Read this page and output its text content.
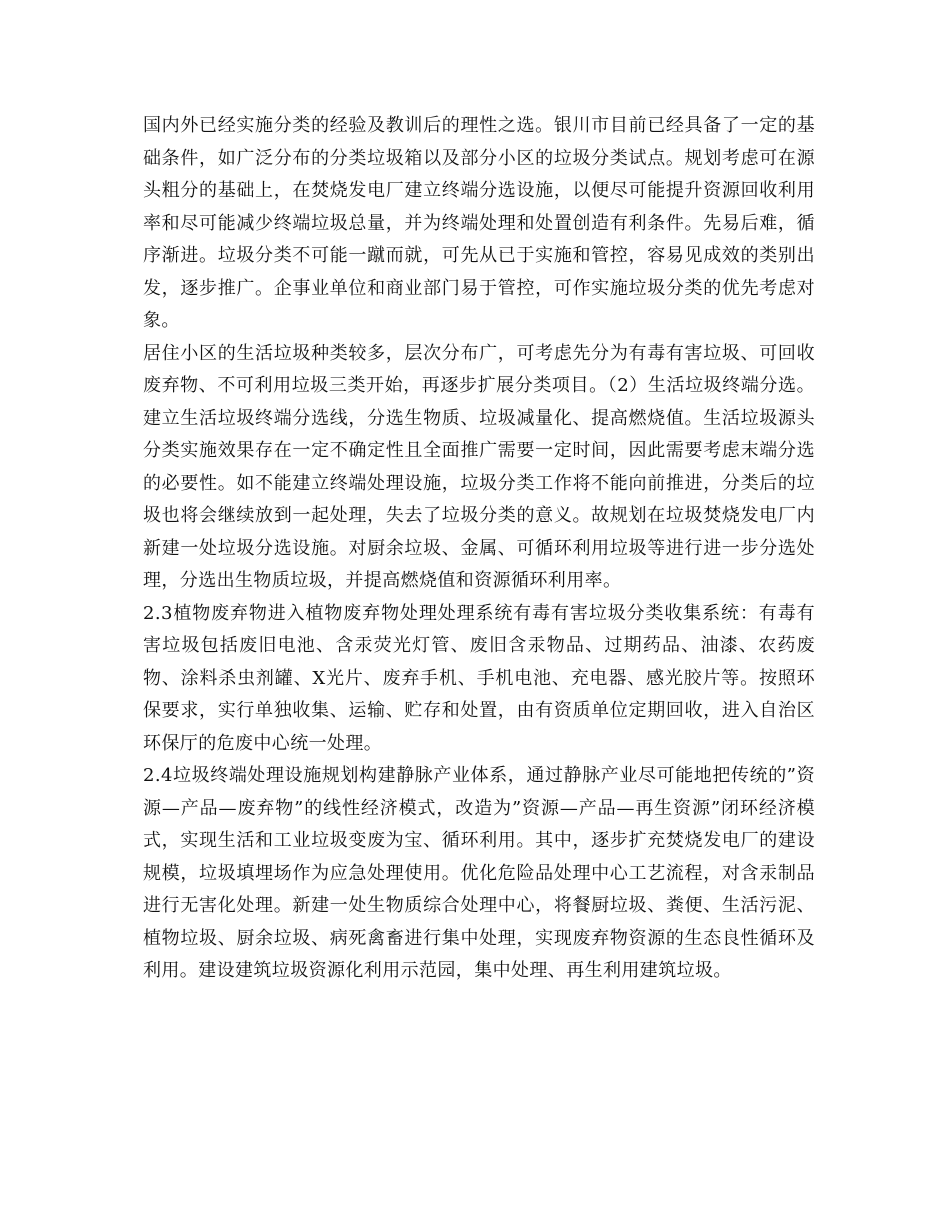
国内外已经实施分类的经验及教训后的理性之选。银川市目前已经具备了一定的基础条件，如广泛分布的分类垃圾箱以及部分小区的垃圾分类试点。规划考虑可在源头粗分的基础上，在焚烧发电厂建立终端分选设施，以便尽可能提升资源回收利用率和尽可能减少终端垃圾总量，并为终端处理和处置创造有利条件。先易后难，循序渐进。垃圾分类不可能一蹴而就，可先从已于实施和管控，容易见成效的类别出发，逐步推广。企事业单位和商业部门易于管控，可作实施垃圾分类的优先考虑对象。

居住小区的生活垃圾种类较多，层次分布广，可考虑先分为有毒有害垃圾、可回收废弃物、不可利用垃圾三类开始，再逐步扩展分类项目。（2）生活垃圾终端分选。建立生活垃圾终端分选线，分选生物质、垃圾减量化、提高燃烧值。生活垃圾源头分类实施效果存在一定不确定性且全面推广需要一定时间，因此需要考虑末端分选的必要性。如不能建立终端处理设施，垃圾分类工作将不能向前推进，分类后的垃圾也将会继续放到一起处理，失去了垃圾分类的意义。故规划在垃圾焚烧发电厂内新建一处垃圾分选设施。对厨余垃圾、金属、可循环利用垃圾等进行进一步分选处理，分选出生物质垃圾，并提高燃烧值和资源循环利用率。

2.3植物废弃物进入植物废弃物处理处理系统有毒有害垃圾分类收集系统：有毒有害垃圾包括废旧电池、含汞荧光灯管、废旧含汞物品、过期药品、油漆、农药废物、涂料杀虫剂罐、X光片、废弃手机、手机电池、充电器、感光胶片等。按照环保要求，实行单独收集、运输、贮存和处置，由有资质单位定期回收，进入自治区环保厅的危废中心统一处理。

2.4垃圾终端处理设施规划构建静脉产业体系，通过静脉产业尽可能地把传统的”资源—产品—废弃物”的线性经济模式，改造为”资源—产品—再生资源”闭环经济模式，实现生活和工业垃圾变废为宝、循环利用。其中，逐步扩充焚烧发电厂的建设规模，垃圾填埋场作为应急处理使用。优化危险品处理中心工艺流程，对含汞制品进行无害化处理。新建一处生物质综合处理中心，将餐厨垃圾、粪便、生活污泥、植物垃圾、厨余垃圾、病死禽畜进行集中处理，实现废弃物资源的生态良性循环及利用。建设建筑垃圾资源化利用示范园，集中处理、再生利用建筑垃圾。
